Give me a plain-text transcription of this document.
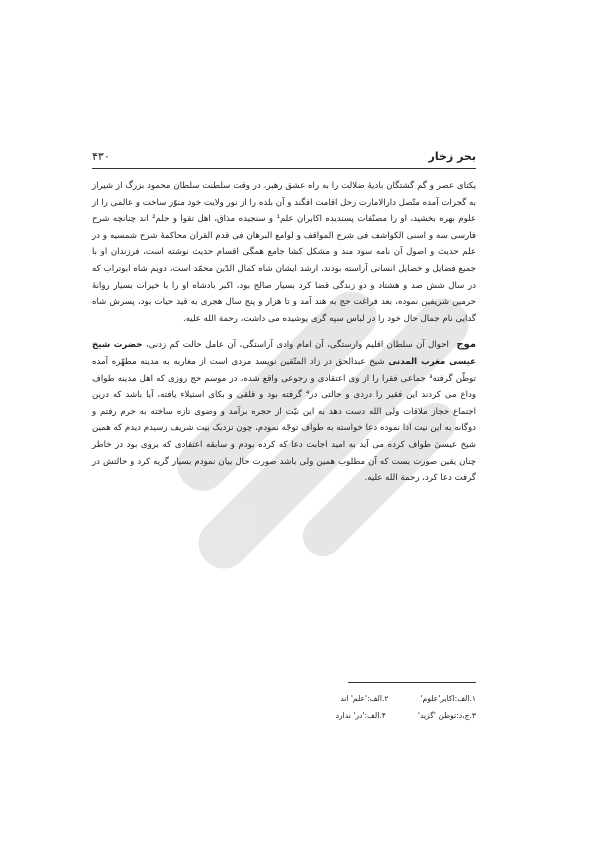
بحر زخار
۴۳۰

یکتای عصر و گم گشتگان بادیهٔ ضلالت را به راه عشق رهبر، در وقت سلطنت سلطان محمود بزرگ از شیراز به گجرات آمده متّصل دارالامارت رحل اقامت افگند و آن بلده را از نور ولایت خود منوّر ساخت و عالمی را از علوم بهره بخشید، او را مصنّفات پسندیده اکابران علم¹ و سنجیده مذاق، اهل تقوا و حلم² اند چنانچه شرح فارسی سه و اسنی الکواشف فی شرح المواقف و لوامع البرهان فی قدم القران محاکمهٔ شرح شمسیه و در علم حدیث و اصول آن نامه سود مند و مشکل کشا جامع همگی اقسام حدیث نوشته است، فرزندان او با جمیع فضایل و خصایل انسانی آراسته بودند، ارشد ایشان شاه کمال الدّین محمّد است، دویم شاه ابوتراب که در سال شش صد و هشتاد و دو زندگی قضا کرد بسیار صالح بود، اکبر بادشاه او را با خیرات بسیار روانهٔ حرمین شریفین نموده، بعد فراغت حج به هند آمد و تا هزار و پنج سال هجری به قید حیات بود، پسرش شاه گدایی نام جمال حال خود را در لباس سپه گری پوشیده می داشت، رحمة الله علیه.

موج احوال آن سلطان اقلیم وارستگی، آن امام وادی آراستگی، آن عامل حالت کم زدنی، حضرت شیخ عیسی مغرب المدنی شیخ عبدالحق در زاد المتّقین نویسد مردی است از مغاربه به مدینه مطهّره آمده توطّن گرفته³ جماعی فقرا را از وی اعتقادی و رجوعی واقع شده، در موسم حج روزی که اهل مدینه طواف وداع می کردند این فقیر را دردی و حالتی در⁴ گرفته بود و قلقی و بکای استیلاء یافته، آیا باشد که درین اجتماع حجاز ملاقات ولی الله دست دهد به این نیّت از حجره برآمد و وضوی تازه ساخته به حرم رفتم و دوگانه به این نیت ادا نموده دعا خواسته به طواف توجّه نمودم، چون نزدیک بیت شریف رسیدم دیدم که همین شیخ عیسیٰ طواف کرده می آید به امید اجابت دعا که کرده بودم و سابقه اعتقادی که بروی بود در خاطر چنان یقین صورت بست که آن مطلوب همین ولی باشد صورت حال بیان نمودم بسیار گریه کرد و حالتش در گرفت دعا کرد، رحمة الله علیه.

۱.الف:اکابر'علوم'
۲.الف:'علم' اند
۳.ج،د:توطن 'گزید'
۴.الف:'در' ندارد
